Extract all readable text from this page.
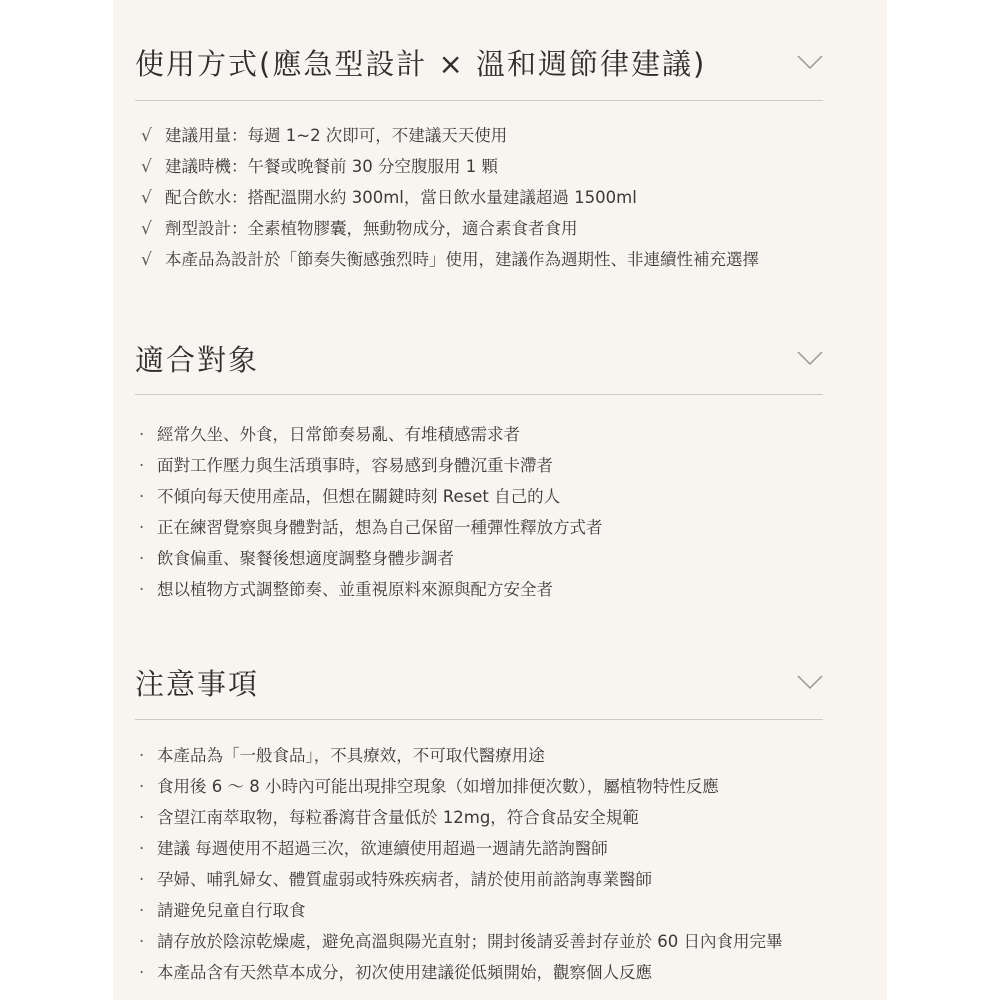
使用方式(應急型設計 × 溫和週節律建議)
√ 建議用量：每週 1~2 次即可，不建議天天使用
√ 建議時機：午餐或晚餐前 30 分空腹服用 1 顆
√ 配合飲水：搭配溫開水約 300ml，當日飲水量建議超過 1500ml
√ 劑型設計：全素植物膠囊，無動物成分，適合素食者食用
√ 本產品為設計於「節奏失衡感強烈時」使用，建議作為週期性、非連續性補充選擇
適合對象
· 經常久坐、外食，日常節奏易亂、有堆積感需求者
· 面對工作壓力與生活瑣事時，容易感到身體沉重卡滯者
· 不傾向每天使用產品，但想在關鍵時刻 Reset 自己的人
· 正在練習覺察與身體對話，想為自己保留一種彈性釋放方式者
· 飲食偏重、聚餐後想適度調整身體步調者
· 想以植物方式調整節奏、並重視原料來源與配方安全者
注意事項
· 本產品為「一般食品」，不具療效，不可取代醫療用途
· 食用後 6 ～ 8 小時內可能出現排空現象（如增加排便次數），屬植物特性反應
· 含望江南萃取物，每粒番瀉苷含量低於 12mg，符合食品安全規範
· 建議 每週使用不超過三次，欲連續使用超過一週請先諮詢醫師
· 孕婦、哺乳婦女、體質虛弱或特殊疾病者，請於使用前諮詢專業醫師
· 請避免兒童自行取食
· 請存放於陰涼乾燥處，避免高溫與陽光直射；開封後請妥善封存並於 60 日內食用完畢
· 本產品含有天然草本成分，初次使用建議從低頻開始，觀察個人反應
